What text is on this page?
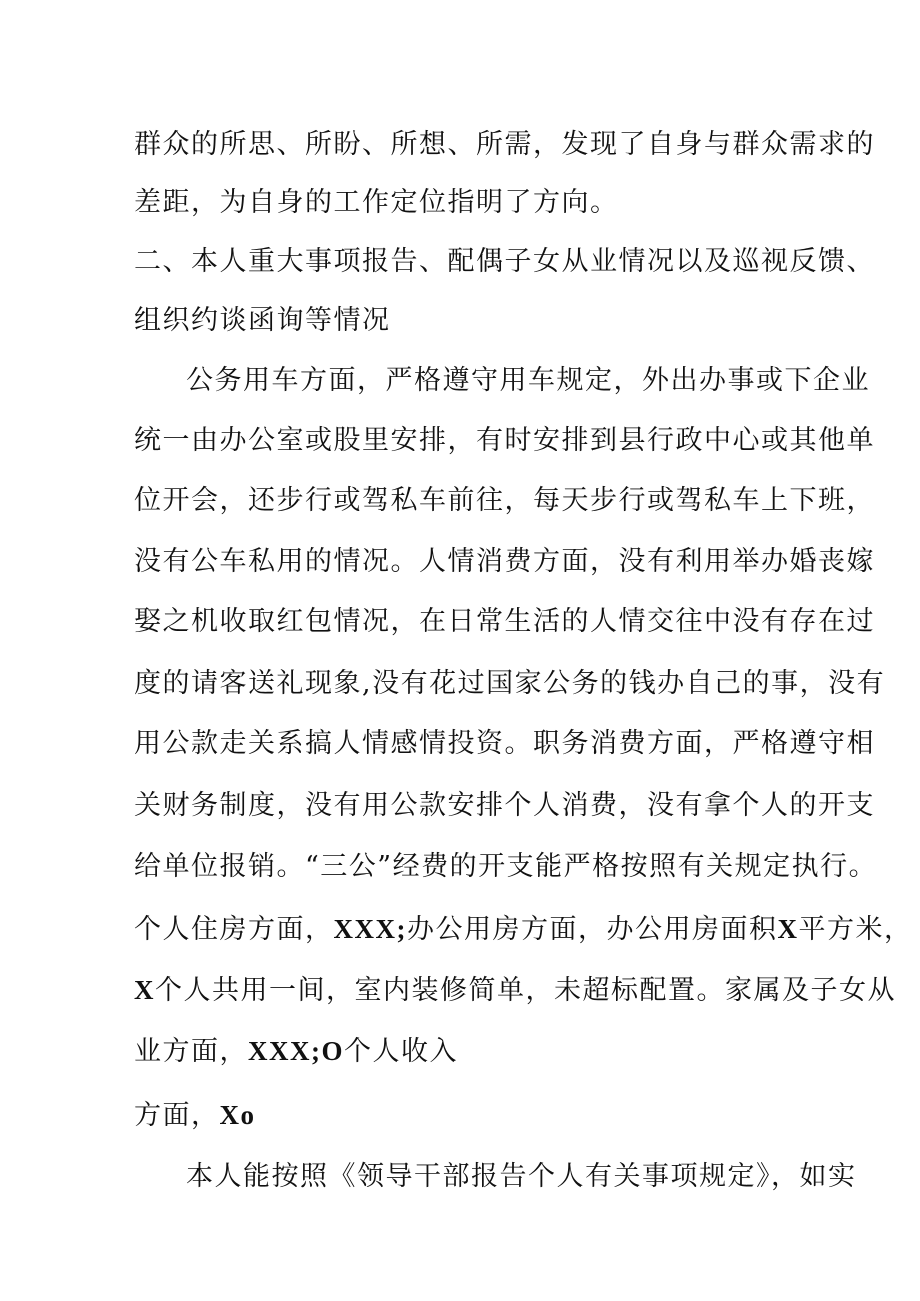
群众的所思、所盼、所想、所需，发现了自身与群众需求的
差距，为自身的工作定位指明了方向。
二、本人重大事项报告、配偶子女从业情况以及巡视反馈、
组织约谈函询等情况
公务用车方面，严格遵守用车规定，外出办事或下企业
统一由办公室或股里安排，有时安排到县行政中心或其他单
位开会，还步行或驾私车前往，每天步行或驾私车上下班，
没有公车私用的情况。人情消费方面，没有利用举办婚丧嫁
娶之机收取红包情况，在日常生活的人情交往中没有存在过
度的请客送礼现象,没有花过国家公务的钱办自己的事，没有
用公款走关系搞人情感情投资。职务消费方面，严格遵守相
关财务制度，没有用公款安排个人消费，没有拿个人的开支
给单位报销。“三公”经费的开支能严格按照有关规定执行。
个人住房方面，XXX;办公用房方面，办公用房面积X平方米，
X个人共用一间，室内装修简单，未超标配置。家属及子女从
业方面，XXX;O个人收入
方面，Xo
本人能按照《领导干部报告个人有关事项规定》，如实
